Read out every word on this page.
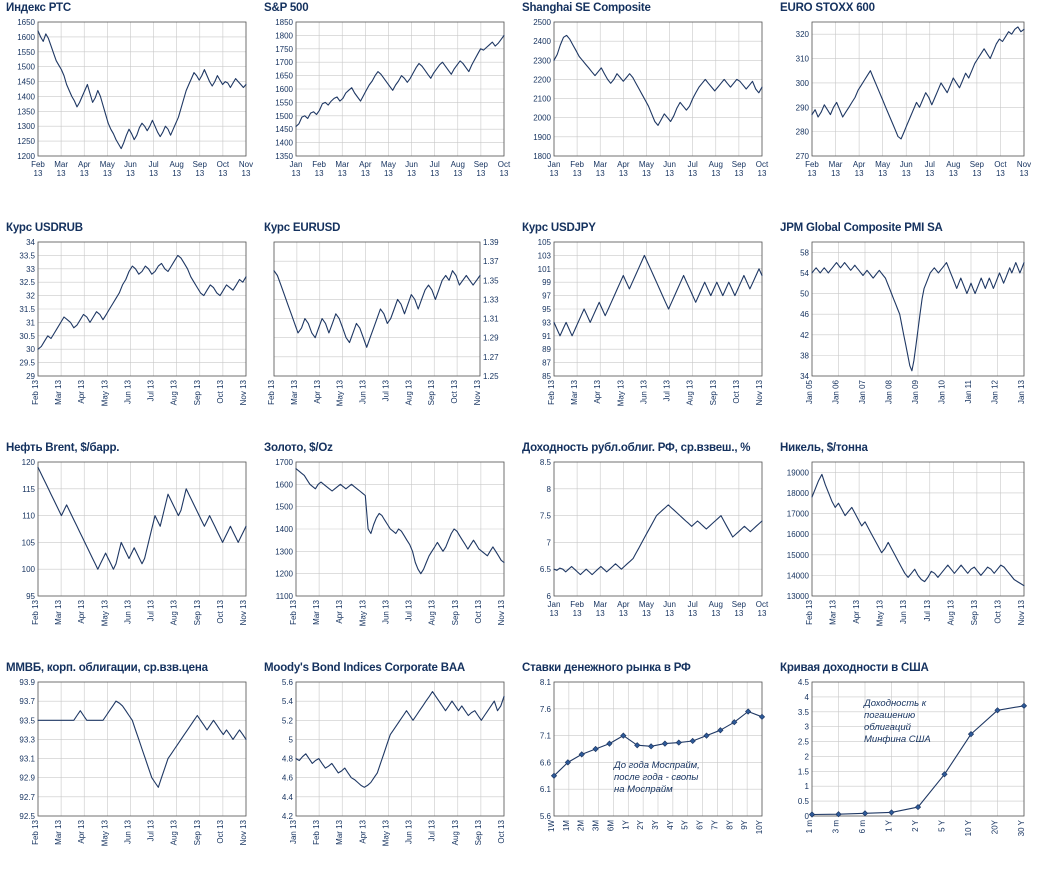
Индекс РТС
1200
1250
1300
1350
1400
1450
1500
1550
1600
1650
Feb
13
Mar
13
Apr
13
May
13
Jun
13
Jul
13
Aug
13
Sep
13
Oct
13
Nov
13
S&P 500
1350
1400
1450
1500
1550
1600
1650
1700
1750
1800
1850
Jan
13
Feb
13
Mar
13
Apr
13
May
13
Jun
13
Jul
13
Aug
13
Sep
13
Oct
13
Shanghai SE Composite
1800
1900
2000
2100
2200
2300
2400
2500
Jan
13
Feb
13
Mar
13
Apr
13
May
13
Jun
13
Jul
13
Aug
13
Sep
13
Oct
13
EURO STOXX 600
270
280
290
300
310
320
Feb
13
Mar
13
Apr
13
May
13
Jun
13
Jul
13
Aug
13
Sep
13
Oct
13
Nov
13
Курс USDRUB
29
29.5
30
30.5
31
31.5
32
32.5
33
33.5
34
Feb 13 Mar 13 Apr 13 May 13 Jun 13 Jul 13 Aug 13 Sep 13 Oct 13 Nov 13
Курс EURUSD
1.25
1.27
1.29
1.31
1.33
1.35
1.37
1.39
Feb 13 Mar 13 Apr 13 May 13 Jun 13 Jul 13 Aug 13 Sep 13 Oct 13 Nov 13
Курс USDJPY
85
87
89
91
93
95
97
99
101
103
105
Feb 13 Mar 13 Apr 13 May 13 Jun 13 Jul 13 Aug 13 Sep 13 Oct 13 Nov 13
JPM Global Composite PMI SA
34
38
42
46
50
54
58
Jan 05 Jan 06 Jan 07 Jan 08 Jan 09 Jan 10 Jan 11 Jan 12 Jan 13
Нефть Brent, $/барр.
95
100
105
110
115
120
Feb 13 Mar 13 Apr 13 May 13 Jun 13 Jul 13 Aug 13 Sep 13 Oct 13 Nov 13
Золото, $/Oz
1100
1200
1300
1400
1500
1600
1700
Feb 13 Mar 13 Apr 13 May 13 Jun 13 Jul 13 Aug 13 Sep 13 Oct 13 Nov 13
Доходность рубл.облиг. РФ, ср.взвеш., %
6
6.5
7
7.5
8
8.5
Jan
13
Feb
13
Mar
13
Apr
13
May
13
Jun
13
Jul
13
Aug
13
Sep
13
Oct
13
Никель, $/тонна
13000
14000
15000
16000
17000
18000
19000
Feb 13 Mar 13 Apr 13 May 13 Jun 13 Jul 13 Aug 13 Sep 13 Oct 13 Nov 13
ММВБ, корп. облигации, ср.взв.цена
92.5
92.7
92.9
93.1
93.3
93.5
93.7
93.9
Feb 13 Mar 13 Apr 13 May 13 Jun 13 Jul 13 Aug 13 Sep 13 Oct 13 Nov 13
Moody's Bond Indices Corporate BAA
4.2
4.4
4.6
4.8
5
5.2
5.4
5.6
Jan 13 Feb 13 Mar 13 Apr 13 May 13 Jun 13 Jul 13 Aug 13 Sep 13 Oct 13
Ставки денежного рынка в РФ
5.6
6.1
6.6
7.1
7.6
8.1
1W 1M 2M 3M 6M 1Y 2Y 3Y 4Y 5Y 6Y 7Y 8Y 9Y 10Y
До года Моспрайм,
после года - свопы
на Моспрайм
Кривая доходности в США
0
0.5
1
1.5
2
2.5
3
3.5
4
4.5
1 m 3 m 6 m 1 Y 2 Y 5 Y 10 Y 20Y 30 Y
Доходность к
погашению
облигаций
Минфина США
